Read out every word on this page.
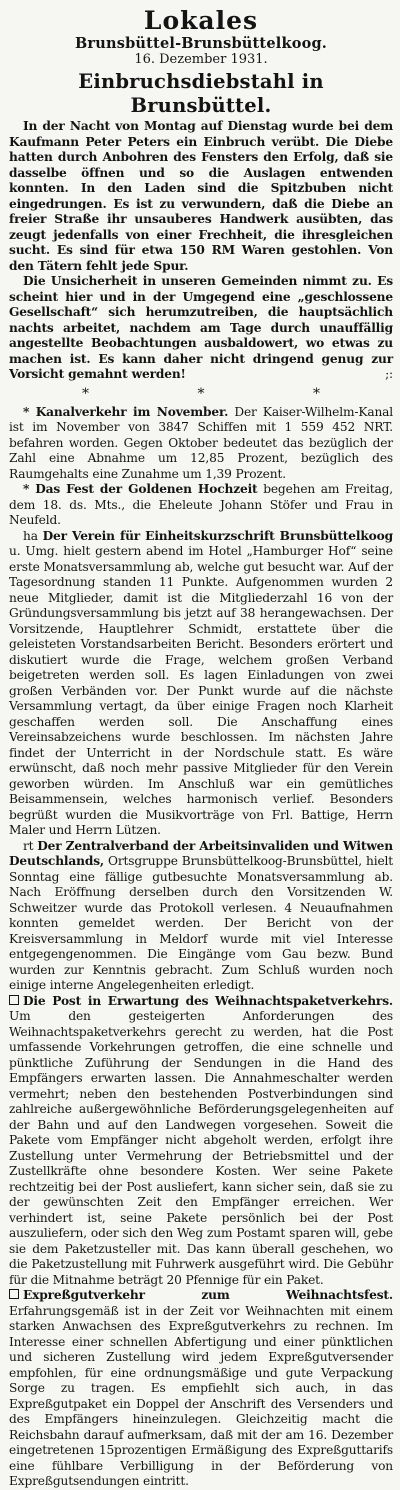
Lokales
Brunsbüttel-Brunsbüttelkoog.
16. Dezember 1931.
Einbruchsdiebstahl in Brunsbüttel.

In der Nacht von Montag auf Dienstag wurde bei dem Kaufmann Peter Peters ein Einbruch verübt. Die Diebe hatten durch Anbohren des Fensters den Erfolg, daß sie dasselbe öffnen und so die Auslagen entwenden konnten. In den Laden sind die Spitzbuben nicht eingedrungen. Es ist zu verwundern, daß die Diebe an freier Straße ihr unsauberes Handwerk ausübten, das zeugt jedenfalls von einer Frechheit, die ihresgleichen sucht. Es sind für etwa 150 RM Waren gestohlen. Von den Tätern fehlt jede Spur.

Die Unsicherheit in unseren Gemeinden nimmt zu. Es scheint hier und in der Umgegend eine „geschlossene Gesellschaft“ sich herumzutreiben, die hauptsächlich nachts arbeitet, nachdem am Tage durch unauffällig angestellte Beobachtungen ausbaldowert, wo etwas zu machen ist. Es kann daher nicht dringend genug zur Vorsicht gemahnt werden!	;:

* * *

* Kanalverkehr im November. Der Kaiser-Wilhelm-Kanal ist im November von 3847 Schiffen mit 1 559 452 NRT. befahren worden. Gegen Oktober bedeutet das bezüglich der Zahl eine Abnahme um 12,85 Prozent, bezüglich des Raumgehalts eine Zunahme um 1,39 Prozent.

* Das Fest der Goldenen Hochzeit begehen am Freitag, dem 18. ds. Mts., die Eheleute Johann Stöfer und Frau in Neufeld.

ha Der Verein für Einheitskurzschrift Brunsbüttelkoog u. Umg. hielt gestern abend im Hotel „Hamburger Hof“ seine erste Monatsversammlung ab, welche gut besucht war. Auf der Tagesordnung standen 11 Punkte. Aufgenommen wurden 2 neue Mitglieder, damit ist die Mitgliederzahl 16 von der Gründungsversammlung bis jetzt auf 38 herangewachsen. Der Vorsitzende, Hauptlehrer Schmidt, erstattete über die geleisteten Vorstandsarbeiten Bericht. Besonders erörtert und diskutiert wurde die Frage, welchem großen Verband beigetreten werden soll. Es lagen Einladungen von zwei großen Verbänden vor. Der Punkt wurde auf die nächste Versammlung vertagt, da über einige Fragen noch Klarheit geschaffen werden soll. Die Anschaffung eines Vereinsabzeichens wurde beschlossen. Im nächsten Jahre findet der Unterricht in der Nordschule statt. Es wäre erwünscht, daß noch mehr passive Mitglieder für den Verein geworben würden. Im Anschluß war ein gemütliches Beisammensein, welches harmonisch verlief. Besonders begrüßt wurden die Musikvorträge von Frl. Battige, Herrn Maler und Herrn Lützen.

rt Der Zentralverband der Arbeitsinvaliden und Witwen Deutschlands, Ortsgruppe Brunsbüttelkoog-Brunsbüttel, hielt Sonntag eine fällige gutbesuchte Monatsversammlung ab. Nach Eröffnung derselben durch den Vorsitzenden W. Schweitzer wurde das Protokoll verlesen. 4 Neuaufnahmen konnten gemeldet werden. Der Bericht von der Kreisversammlung in Meldorf wurde mit viel Interesse entgegengenommen. Die Eingänge vom Gau bezw. Bund wurden zur Kenntnis gebracht. Zum Schluß wurden noch einige interne Angelegenheiten erledigt.

Die Post in Erwartung des Weihnachtspaketverkehrs. Um den gesteigerten Anforderungen des Weihnachtspaketverkehrs gerecht zu werden, hat die Post umfassende Vorkehrungen getroffen, die eine schnelle und pünktliche Zuführung der Sendungen in die Hand des Empfängers erwarten lassen. Die Annahmeschalter werden vermehrt; neben den bestehenden Postverbindungen sind zahlreiche außergewöhnliche Beförderungsgelegenheiten auf der Bahn und auf den Landwegen vorgesehen. Soweit die Pakete vom Empfänger nicht abgeholt werden, erfolgt ihre Zustellung unter Vermehrung der Betriebsmittel und der Zustellkräfte ohne besondere Kosten. Wer seine Pakete rechtzeitig bei der Post ausliefert, kann sicher sein, daß sie zu der gewünschten Zeit den Empfänger erreichen. Wer verhindert ist, seine Pakete persönlich bei der Post auszuliefern, oder sich den Weg zum Postamt sparen will, gebe sie dem Paketzusteller mit. Das kann überall geschehen, wo die Paketzustellung mit Fuhrwerk ausgeführt wird. Die Gebühr für die Mitnahme beträgt 20 Pfennige für ein Paket.

Expreßgutverkehr zum Weihnachtsfest. Erfahrungsgemäß ist in der Zeit vor Weihnachten mit einem starken Anwachsen des Expreßgutverkehrs zu rechnen. Im Interesse einer schnellen Abfertigung und einer pünktlichen und sicheren Zustellung wird jedem Expreßgutversender empfohlen, für eine ordnungsmäßige und gute Verpackung Sorge zu tragen. Es empfiehlt sich auch, in das Expreßgutpaket ein Doppel der Anschrift des Versenders und des Empfängers hineinzulegen. Gleichzeitig macht die Reichsbahn darauf aufmerksam, daß mit der am 16. Dezember eingetretenen 15prozentigen Ermäßigung des Expreßguttarifs eine fühlbare Verbilligung in der Beförderung von Expreßgutsendungen eintritt.
